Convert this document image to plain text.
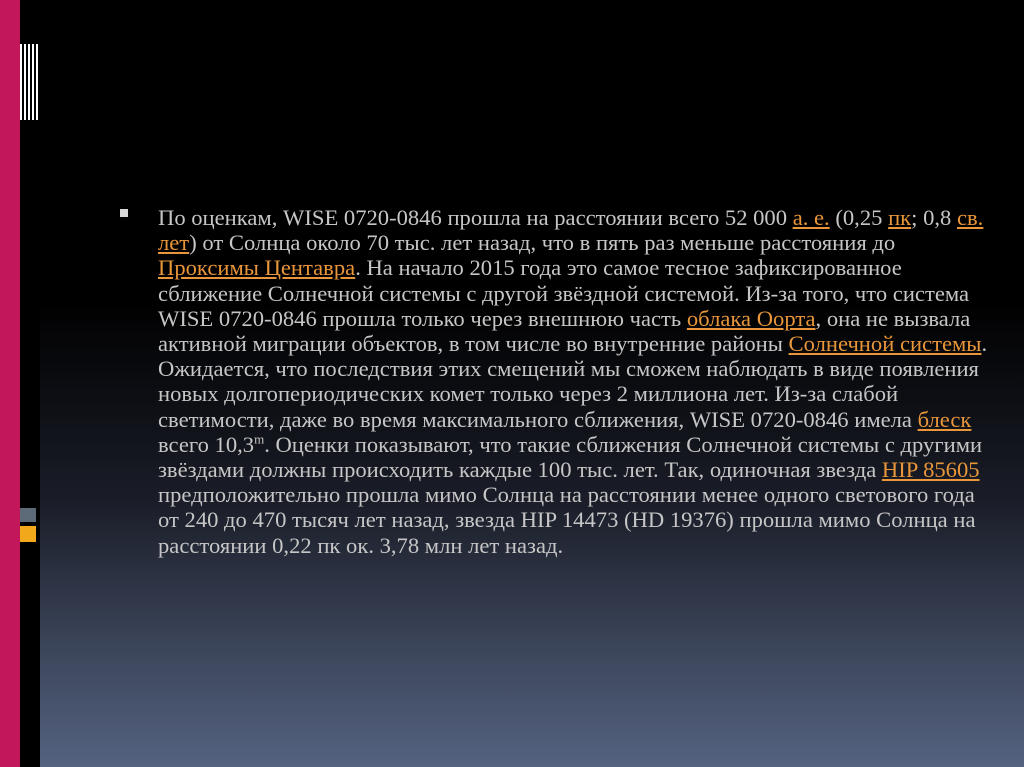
По оценкам, WISE 0720-0846 прошла на расстоянии всего 52 000 а. е. (0,25 пк; 0,8 св. лет) от Солнца около 70 тыс. лет назад, что в пять раз меньше расстояния до Проксимы Центавра. На начало 2015 года это самое тесное зафиксированное сближение Солнечной системы с другой звёздной системой. Из-за того, что система WISE 0720-0846 прошла только через внешнюю часть облака Оорта, она не вызвала активной миграции объектов, в том числе во внутренние районы Солнечной системы. Ожидается, что последствия этих смещений мы сможем наблюдать в виде появления новых долгопериодических комет только через 2 миллиона лет. Из-за слабой светимости, даже во время максимального сближения, WISE 0720-0846 имела блеск всего 10,3$^m$. Оценки показывают, что такие сближения Солнечной системы с другими звёздами должны происходить каждые 100 тыс. лет. Так, одиночная звезда HIP 85605 предположительно прошла мимо Солнца на расстоянии менее одного светового года от 240 до 470 тысяч лет назад, звезда HIP 14473 (HD 19376) прошла мимо Солнца на расстоянии 0,22 пк ок. 3,78 млн лет назад.
